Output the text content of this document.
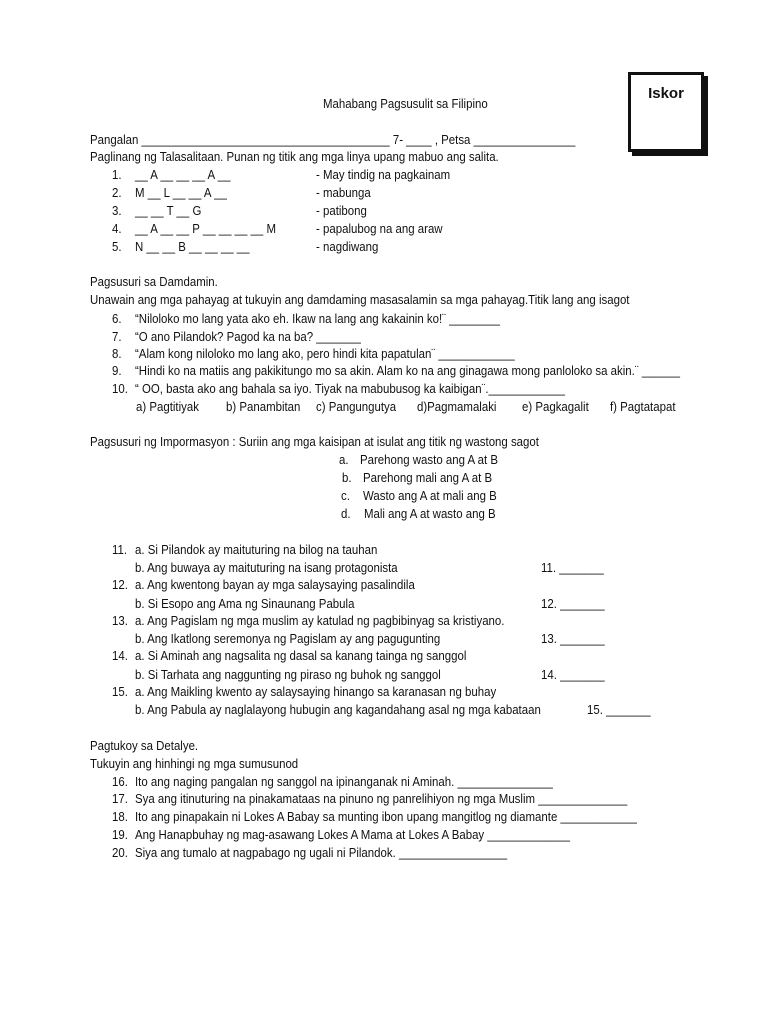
Iskor
Mahabang Pagsusulit sa Filipino
Pangalan _______________________________________ 7- ____ , Petsa ________________
Paglinang ng Talasalitaan. Punan ng titik ang mga linya upang mabuo ang salita.
1. __ A __ __ __ A __	- May tindig na pagkainam
2. M __ L __ __ A __	- mabunga
3. __ __ T __ G	- patibong
4. __ A __ __ P __ __ __ __ M	- papalubog na ang araw
5. N __ __ B __ __ __ __	- nagdiwang
Pagsusuri sa Damdamin.
Unawain ang mga pahayag at tukuyin ang damdaming masasalamin sa mga pahayag.Titik lang ang isagot
6. “Niloloko mo lang yata ako eh. Ikaw na lang ang kakainin ko!¨ ________
7. “O ano Pilandok? Pagod ka na ba? _______
8. “Alam kong niloloko mo lang ako, pero hindi kita papatulan¨ ____________
9. “Hindi ko na matiis ang pakikitungo mo sa akin. Alam ko na ang ginagawa mong panloloko sa akin.¨ ______
10. “ OO, basta ako ang bahala sa iyo. Tiyak na mabubusog ka kaibigan¨.____________
a) Pagtitiyak b) Panambitan c) Pangungutya d)Pagmamalaki e) Pagkagalit f) Pagtatapat
Pagsusuri ng Impormasyon : Suriin ang mga kaisipan at isulat ang titik ng wastong sagot
a. Parehong wasto ang A at B
b. Parehong mali ang A at B
c. Wasto ang A at mali ang B
d. Mali ang A at wasto ang B
11. a. Si Pilandok ay maituturing na bilog na tauhan
b. Ang buwaya ay maituturing na isang protagonista	11. _______
12. a. Ang kwentong bayan ay mga salaysaying pasalindila
b. Si Esopo ang Ama ng Sinaunang Pabula	12. _______
13. a. Ang Pagislam ng mga muslim ay katulad ng pagbibinyag sa kristiyano.
b. Ang Ikatlong seremonya ng Pagislam ay ang pagugunting	13. _______
14. a. Si Aminah ang nagsalita ng dasal sa kanang tainga ng sanggol
b. Si Tarhata ang naggunting ng piraso ng buhok ng sanggol	14. _______
15. a. Ang Maikling kwento ay salaysaying hinango sa karanasan ng buhay
b. Ang Pabula ay naglalayong hubugin ang kagandahang asal ng mga kabataan	15. _______
Pagtukoy sa Detalye.
Tukuyin ang hinhingi ng mga sumusunod
16. Ito ang naging pangalan ng sanggol na ipinanganak ni Aminah. _______________
17. Sya ang itinuturing na pinakamataas na pinuno ng panrelihiyon ng mga Muslim ______________
18. Ito ang pinapakain ni Lokes A Babay sa munting ibon upang mangitlog ng diamante ____________
19. Ang Hanapbuhay ng mag-asawang Lokes A Mama at Lokes A Babay _____________
20. Siya ang tumalo at nagpabago ng ugali ni Pilandok. _________________
